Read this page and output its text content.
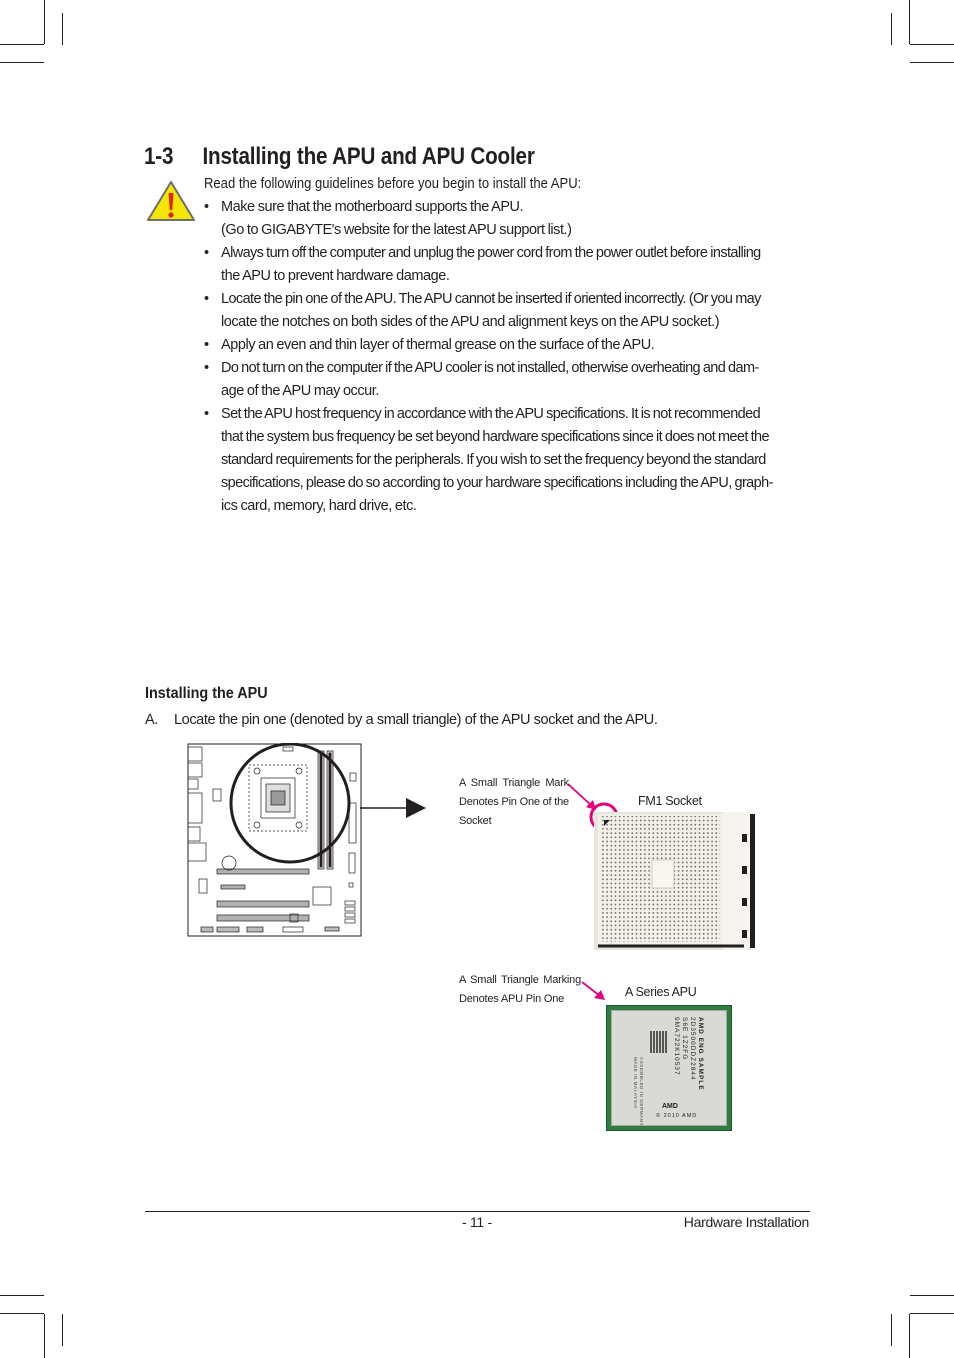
1-3 Installing the APU and APU Cooler
Read the following guidelines before you begin to install the APU:
• Make sure that the motherboard supports the APU.
(Go to GIGABYTE's website for the latest APU support list.)
• Always turn off the computer and unplug the power cord from the power outlet before installing
the APU to prevent hardware damage.
• Locate the pin one of the APU. The APU cannot be inserted if oriented incorrectly. (Or you may
locate the notches on both sides of the APU and alignment keys on the APU socket.)
• Apply an even and thin layer of thermal grease on the surface of the APU.
• Do not turn on the computer if the APU cooler is not installed, otherwise overheating and dam-
age of the APU may occur.
• Set the APU host frequency in accordance with the APU specifications. It is not recommended
that the system bus frequency be set beyond hardware specifications since it does not meet the
standard requirements for the peripherals. If you wish to set the frequency beyond the standard
specifications, please do so according to your hardware specifications including the APU, graph-
ics card, memory, hard drive, etc.
Installing the APU
A. Locate the pin one (denoted by a small triangle) of the APU socket and the APU.
A Small Triangle Mark
Denotes Pin One of the
Socket
FM1 Socket
A Small Triangle Marking
Denotes APU Pin One	A Series APU
AMD ENG SAMPLE
2D3500DDZ2844
S6E 1Z2FG
9MA722K10537
ASSEMBLED IN GERMANY
MADE IN MALAYSIA	AMD
© 2010 AMD
- 11 -	Hardware Installation
